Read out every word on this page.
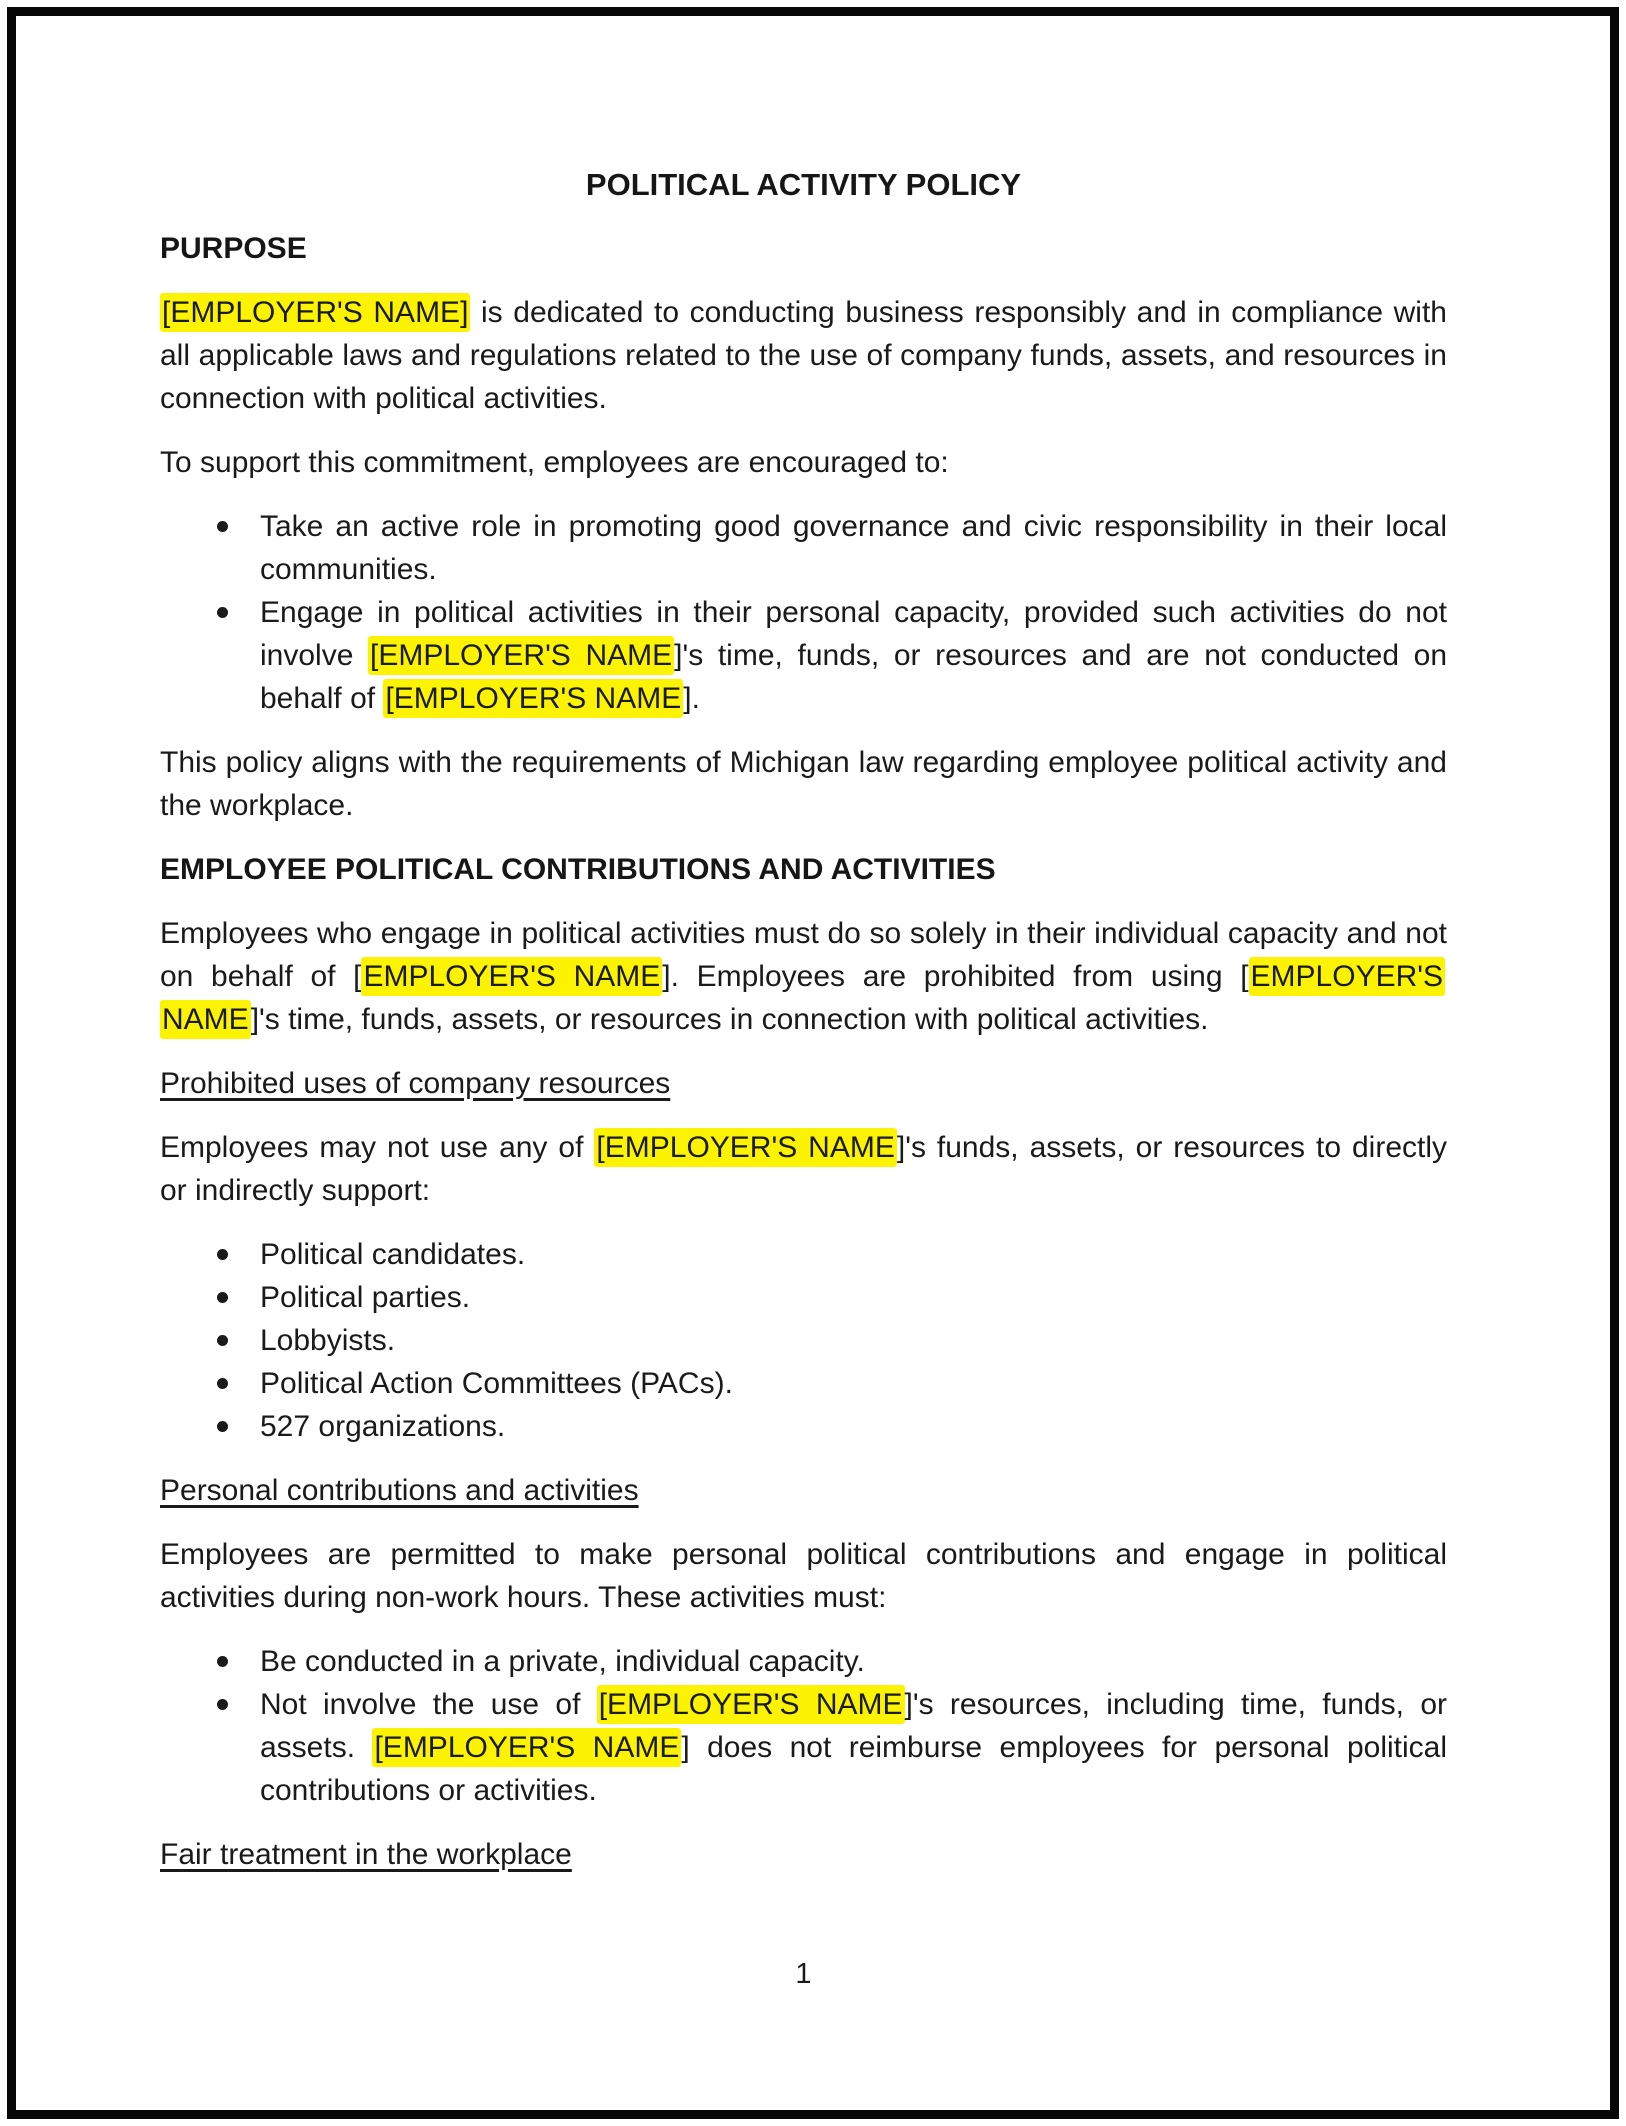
POLITICAL ACTIVITY POLICY
PURPOSE

[EMPLOYER'S NAME] is dedicated to conducting business responsibly and in compliance with all applicable laws and regulations related to the use of company funds, assets, and resources in connection with political activities.

To support this commitment, employees are encouraged to:

Take an active role in promoting good governance and civic responsibility in their local communities.
Engage in political activities in their personal capacity, provided such activities do not involve [EMPLOYER'S NAME]'s time, funds, or resources and are not conducted on behalf of [EMPLOYER'S NAME].

This policy aligns with the requirements of Michigan law regarding employee political activity and the workplace.

EMPLOYEE POLITICAL CONTRIBUTIONS AND ACTIVITIES

Employees who engage in political activities must do so solely in their individual capacity and not on behalf of [EMPLOYER'S NAME]. Employees are prohibited from using [EMPLOYER'S NAME]'s time, funds, assets, or resources in connection with political activities.

Prohibited uses of company resources

Employees may not use any of [EMPLOYER'S NAME]'s funds, assets, or resources to directly or indirectly support:

Political candidates.
Political parties.
Lobbyists.
Political Action Committees (PACs).
527 organizations.
Personal contributions and activities

Employees are permitted to make personal political contributions and engage in political activities during non-work hours. These activities must:

Be conducted in a private, individual capacity.
Not involve the use of [EMPLOYER'S NAME]'s resources, including time, funds, or assets. [EMPLOYER'S NAME] does not reimburse employees for personal political contributions or activities.
Fair treatment in the workplace
1
